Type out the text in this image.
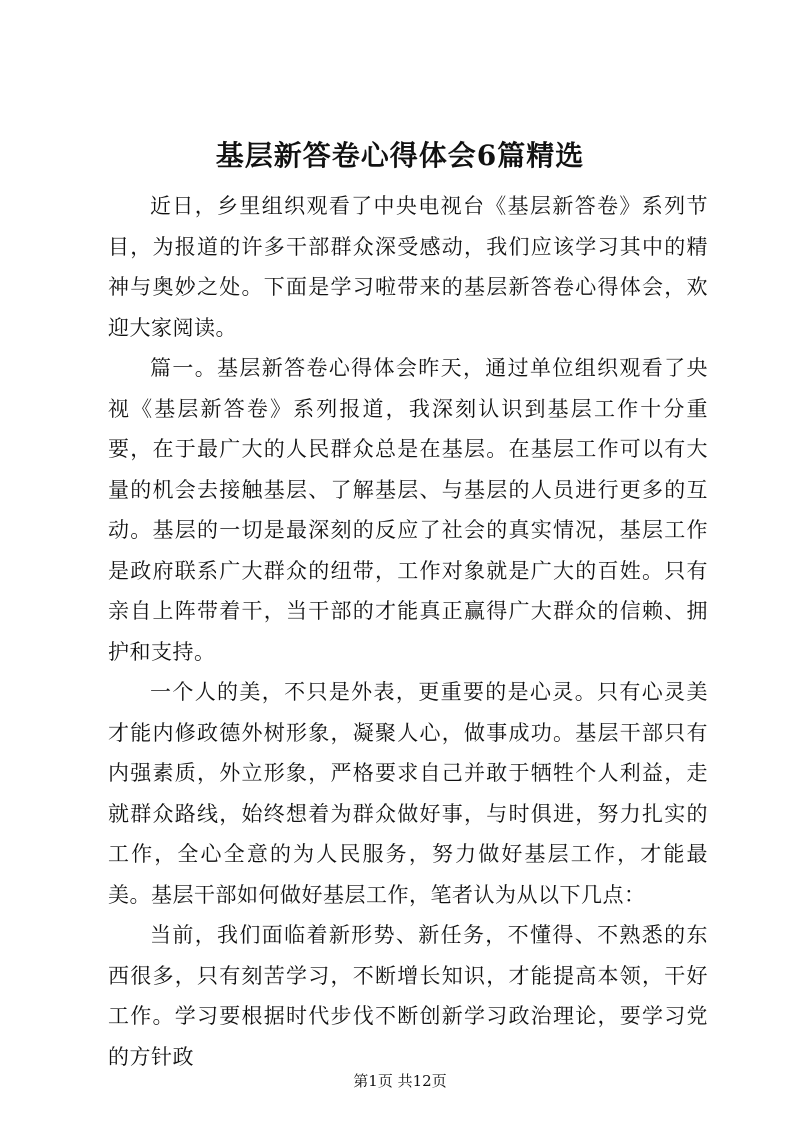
基层新答卷心得体会6篇精选

近日，乡里组织观看了中央电视台《基层新答卷》系列节目，为报道的许多干部群众深受感动，我们应该学习其中的精神与奥妙之处。下面是学习啦带来的基层新答卷心得体会，欢迎大家阅读。

篇一。基层新答卷心得体会昨天，通过单位组织观看了央视《基层新答卷》系列报道，我深刻认识到基层工作十分重要，在于最广大的人民群众总是在基层。在基层工作可以有大量的机会去接触基层、了解基层、与基层的人员进行更多的互动。基层的一切是最深刻的反应了社会的真实情况，基层工作是政府联系广大群众的纽带，工作对象就是广大的百姓。只有亲自上阵带着干，当干部的才能真正赢得广大群众的信赖、拥护和支持。

一个人的美，不只是外表，更重要的是心灵。只有心灵美才能内修政德外树形象，凝聚人心，做事成功。基层干部只有内强素质，外立形象，严格要求自己并敢于牺牲个人利益，走就群众路线，始终想着为群众做好事，与时俱进，努力扎实的工作，全心全意的为人民服务，努力做好基层工作，才能最美。基层干部如何做好基层工作，笔者认为从以下几点：

当前，我们面临着新形势、新任务，不懂得、不熟悉的东西很多，只有刻苦学习，不断增长知识，才能提高本领，干好工作。学习要根据时代步伐不断创新学习政治理论，要学习党的方针政

第1页 共12页
